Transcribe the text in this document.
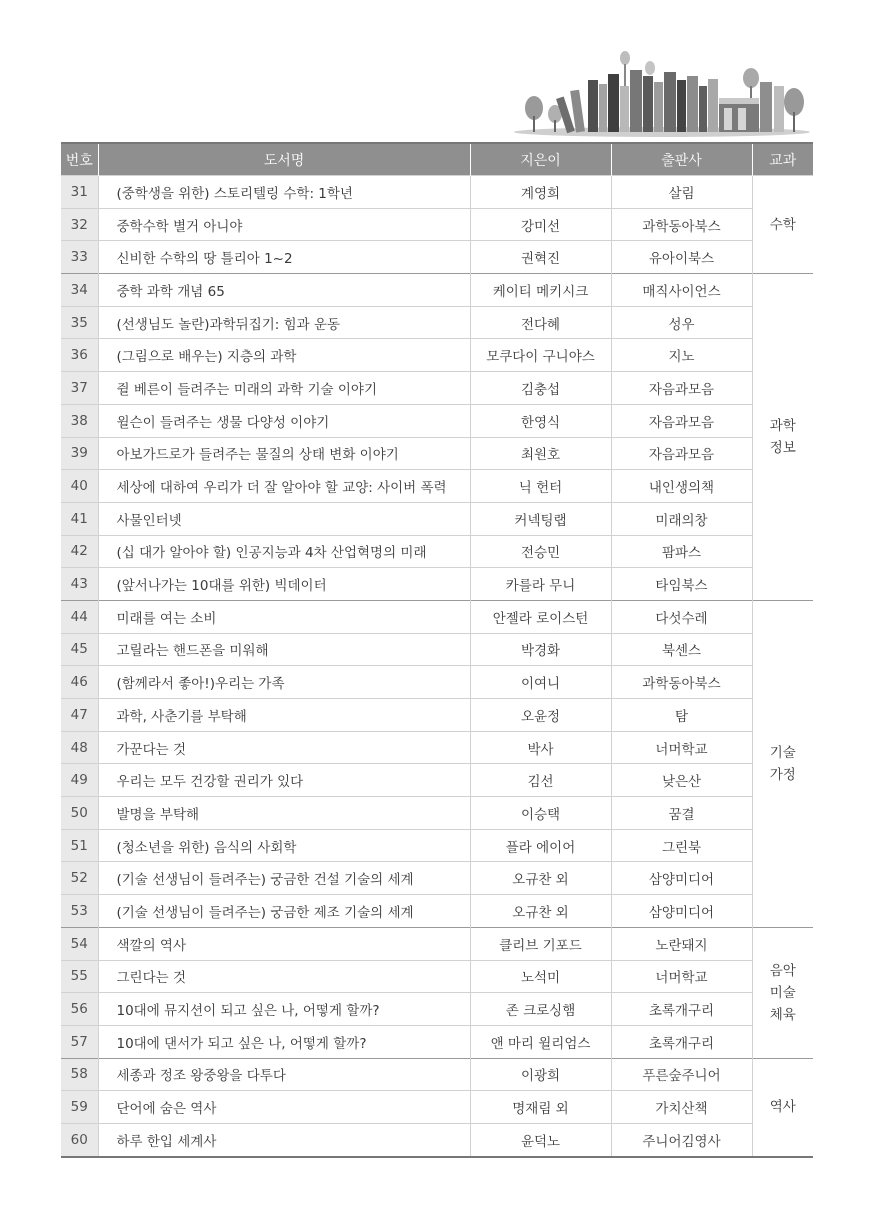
번호	도서명	지은이	출판사	교과
31	(중학생을 위한) 스토리텔링 수학: 1학년	계영희	살림	수학
32	중학수학 별거 아니야	강미선	과학동아북스	
33	신비한 수학의 땅 틀리아 1~2	권혁진	유아이북스	
34	중학 과학 개념 65	케이티 메키시크	매직사이언스	과학
정보
35	(선생님도 놀란)과학뒤집기: 힘과 운동	전다혜	성우	
36	(그림으로 배우는) 지층의 과학	모쿠다이 구니야스	지노	
37	쥘 베른이 들려주는 미래의 과학 기술 이야기	김충섭	자음과모음	
38	윌슨이 들려주는 생물 다양성 이야기	한영식	자음과모음	
39	아보가드로가 들려주는 물질의 상태 변화 이야기	최원호	자음과모음	
40	세상에 대하여 우리가 더 잘 알아야 할 교양: 사이버 폭력	닉 헌터	내인생의책	
41	사물인터넷	커넥팅랩	미래의창	
42	(십 대가 알아야 할) 인공지능과 4차 산업혁명의 미래	전승민	팜파스	
43	(앞서나가는 10대를 위한) 빅데이터	카를라 무니	타임북스	
44	미래를 여는 소비	안젤라 로이스턴	다섯수레	기술
가정
45	고릴라는 핸드폰을 미워해	박경화	북센스	
46	(함께라서 좋아!)우리는 가족	이여니	과학동아북스	
47	과학, 사춘기를 부탁해	오윤정	탐	
48	가꾼다는 것	박사	너머학교	
49	우리는 모두 건강할 권리가 있다	김선	낮은산	
50	발명을 부탁해	이승택	꿈결	
51	(청소년을 위한) 음식의 사회학	플라 에이어	그린북	
52	(기술 선생님이 들려주는) 궁금한 건설 기술의 세계	오규찬 외	삼양미디어	
53	(기술 선생님이 들려주는) 궁금한 제조 기술의 세계	오규찬 외	삼양미디어	
54	색깔의 역사	클리브 기포드	노란돼지	음악
미술
체육
55	그린다는 것	노석미	너머학교	
56	10대에 뮤지션이 되고 싶은 나, 어떻게 할까?	존 크로싱햄	초록개구리	
57	10대에 댄서가 되고 싶은 나, 어떻게 할까?	앤 마리 윌리엄스	초록개구리	
58	세종과 정조 왕중왕을 다투다	이광희	푸른숲주니어	역사
59	단어에 숨은 역사	명재림 외	가치산책	
60	하루 한입 세계사	윤덕노	주니어김영사	
